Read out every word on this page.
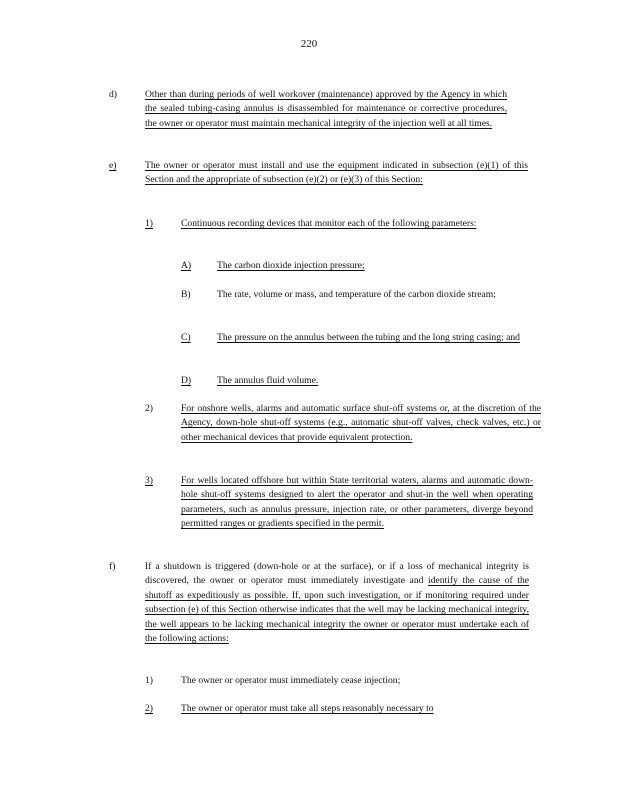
220
d)	Other than during periods of well workover (maintenance) approved by the Agency in which the sealed tubing-casing annulus is disassembled for maintenance or corrective procedures, the owner or operator must maintain mechanical integrity of the injection well at all times.
e)	The owner or operator must install and use the equipment indicated in subsection (e)(1) of this Section and the appropriate of subsection (e)(2) or (e)(3) of this Section:
1)	Continuous recording devices that monitor each of the following parameters:
A)	The carbon dioxide injection pressure;
B)	The rate, volume or mass, and temperature of the carbon dioxide stream;
C)	The pressure on the annulus between the tubing and the long string casing; and
D)	The annulus fluid volume.
2)	For onshore wells, alarms and automatic surface shut-off systems or, at the discretion of the Agency, down-hole shut-off systems (e.g., automatic shut-off valves, check valves, etc.) or other mechanical devices that provide equivalent protection.
3)	For wells located offshore but within State territorial waters, alarms and automatic down-hole shut-off systems designed to alert the operator and shut-in the well when operating parameters, such as annulus pressure, injection rate, or other parameters, diverge beyond permitted ranges or gradients specified in the permit.
f)	If a shutdown is triggered (down-hole or at the surface), or if a loss of mechanical integrity is discovered, the owner or operator must immediately investigate and identify the cause of the shutoff as expeditiously as possible. If, upon such investigation, or if monitoring required under subsection (e) of this Section otherwise indicates that the well may be lacking mechanical integrity, the well appears to be lacking mechanical integrity the owner or operator must undertake each of the following actions:
1)	The owner or operator must immediately cease injection;
2)	The owner or operator must take all steps reasonably necessary to
